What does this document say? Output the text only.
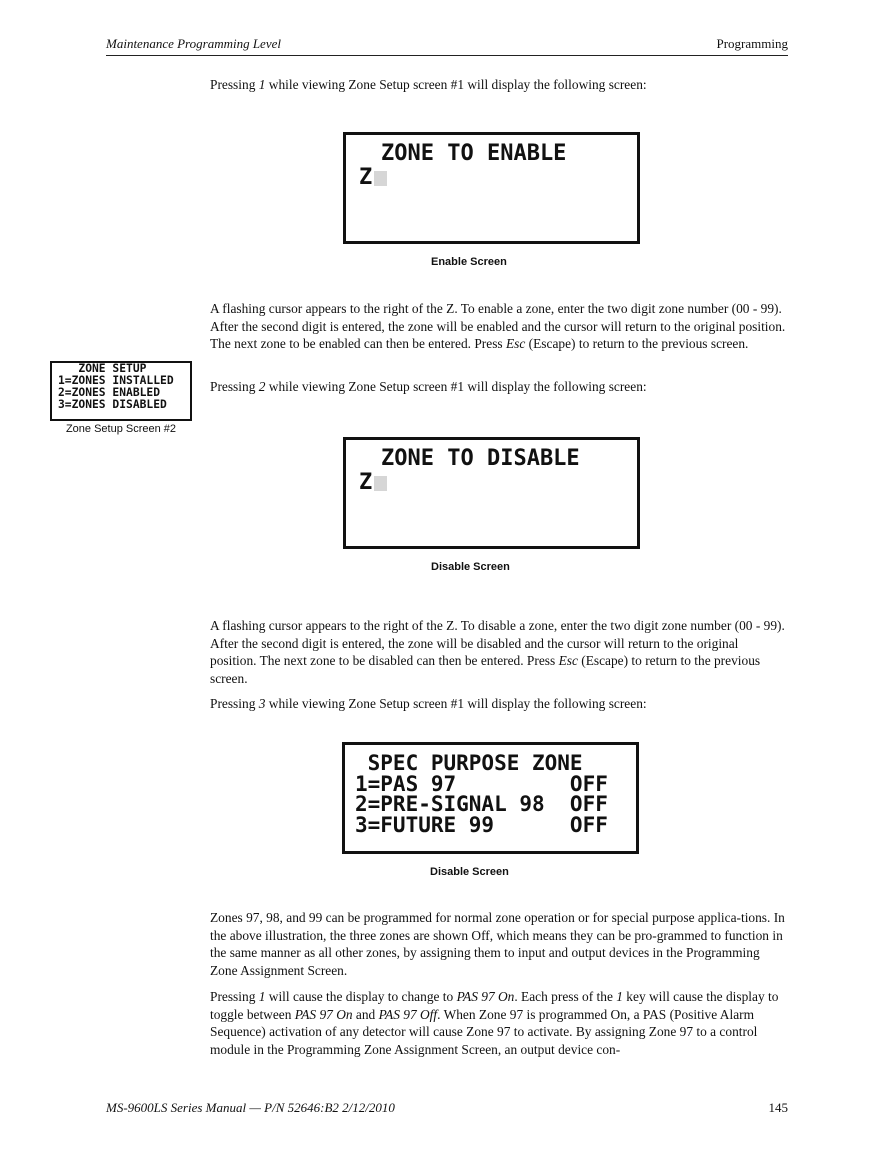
Maintenance Programming Level	Programming

Pressing 1 while viewing Zone Setup screen #1 will display the following screen:

ZONE TO ENABLE
Z
Enable Screen

A flashing cursor appears to the right of the Z. To enable a zone, enter the two digit zone number (00 - 99). After the second digit is entered, the zone will be enabled and the cursor will return to the original position. The next zone to be enabled can then be entered. Press Esc (Escape) to return to the previous screen.

ZONE SETUP
1=ZONES INSTALLED
2=ZONES ENABLED
3=ZONES DISABLED
Zone Setup Screen #2

Pressing 2 while viewing Zone Setup screen #1 will display the following screen:

ZONE TO DISABLE
Z
Disable Screen

A flashing cursor appears to the right of the Z. To disable a zone, enter the two digit zone number (00 - 99). After the second digit is entered, the zone will be disabled and the cursor will return to the original position. The next zone to be disabled can then be entered. Press Esc (Escape) to return to the previous screen.

Pressing 3 while viewing Zone Setup screen #1 will display the following screen:

SPEC PURPOSE ZONE
1=PAS 97         OFF
2=PRE-SIGNAL 98  OFF
3=FUTURE 99      OFF
Disable Screen

Zones 97, 98, and 99 can be programmed for normal zone operation or for special purpose applica-tions. In the above illustration, the three zones are shown Off, which means they can be pro-grammed to function in the same manner as all other zones, by assigning them to input and output devices in the Programming Zone Assignment Screen.

Pressing 1 will cause the display to change to PAS 97 On. Each press of the 1 key will cause the display to toggle between PAS 97 On and PAS 97 Off. When Zone 97 is programmed On, a PAS (Positive Alarm Sequence) activation of any detector will cause Zone 97 to activate. By assigning Zone 97 to a control module in the Programming Zone Assignment Screen, an output device con-

MS-9600LS Series Manual — P/N 52646:B2 2/12/2010	145
